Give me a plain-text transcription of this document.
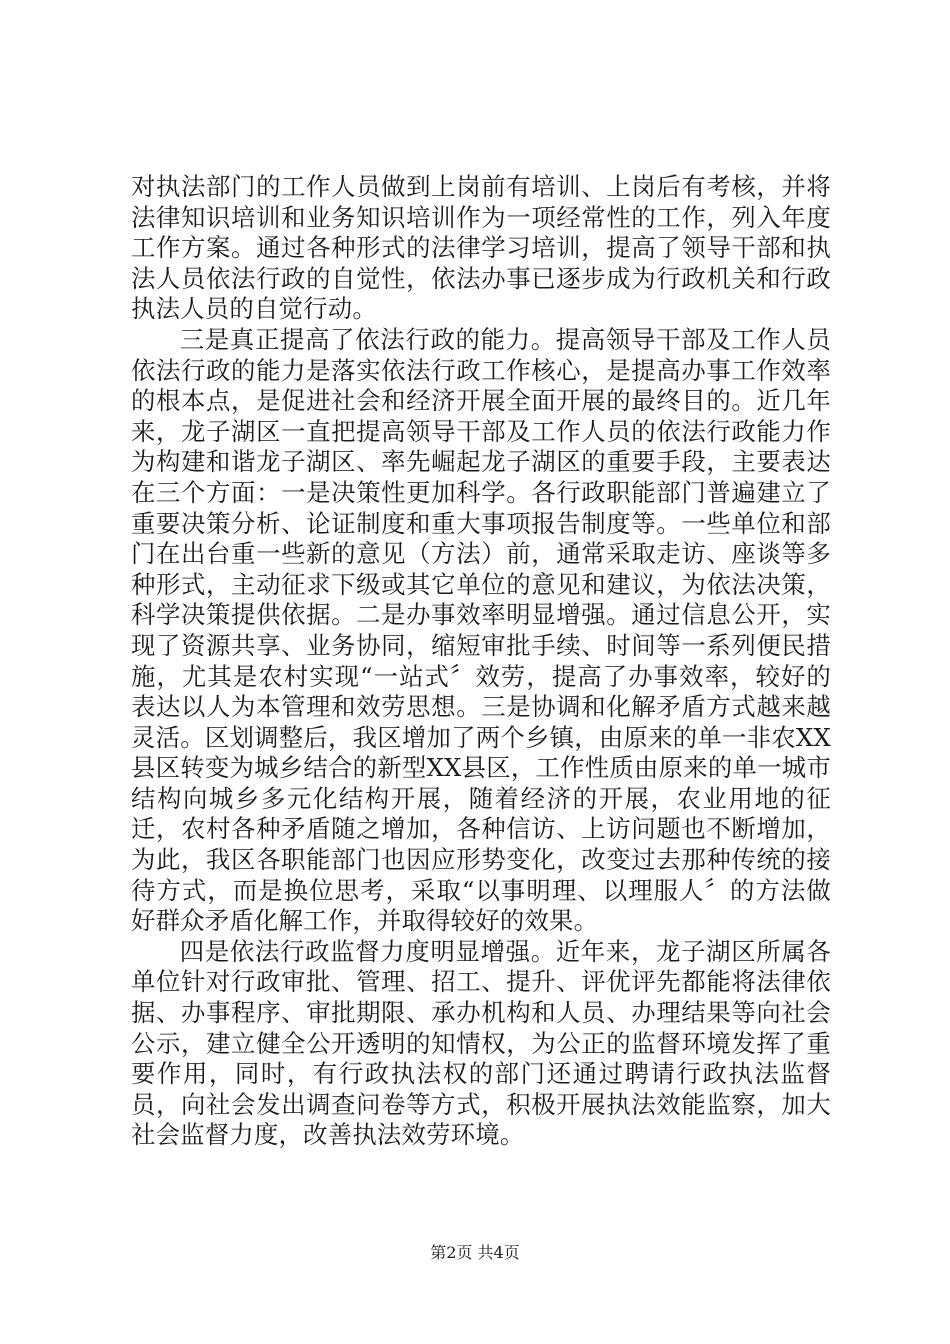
对执法部门的工作人员做到上岗前有培训、上岗后有考核，并将法律知识培训和业务知识培训作为一项经常性的工作，列入年度工作方案。通过各种形式的法律学习培训，提高了领导干部和执法人员依法行政的自觉性，依法办事已逐步成为行政机关和行政执法人员的自觉行动。

三是真正提高了依法行政的能力。提高领导干部及工作人员依法行政的能力是落实依法行政工作核心，是提高办事工作效率的根本点，是促进社会和经济开展全面开展的最终目的。近几年来，龙子湖区一直把提高领导干部及工作人员的依法行政能力作为构建和谐龙子湖区、率先崛起龙子湖区的重要手段，主要表达在三个方面：一是决策性更加科学。各行政职能部门普遍建立了重要决策分析、论证制度和重大事项报告制度等。一些单位和部门在出台重一些新的意见（方法）前，通常采取走访、座谈等多种形式，主动征求下级或其它单位的意见和建议，为依法决策，科学决策提供依据。二是办事效率明显增强。通过信息公开，实现了资源共享、业务协同，缩短审批手续、时间等一系列便民措施，尤其是农村实现“一站式〞效劳，提高了办事效率，较好的表达以人为本管理和效劳思想。三是协调和化解矛盾方式越来越灵活。区划调整后，我区增加了两个乡镇，由原来的单一非农XX县区转变为城乡结合的新型XX县区，工作性质由原来的单一城市结构向城乡多元化结构开展，随着经济的开展，农业用地的征迁，农村各种矛盾随之增加，各种信访、上访问题也不断增加，为此，我区各职能部门也因应形势变化，改变过去那种传统的接待方式，而是换位思考，采取“以事明理、以理服人〞的方法做好群众矛盾化解工作，并取得较好的效果。

四是依法行政监督力度明显增强。近年来，龙子湖区所属各单位针对行政审批、管理、招工、提升、评优评先都能将法律依据、办事程序、审批期限、承办机构和人员、办理结果等向社会公示，建立健全公开透明的知情权，为公正的监督环境发挥了重要作用，同时，有行政执法权的部门还通过聘请行政执法监督员，向社会发出调查问卷等方式，积极开展执法效能监察，加大社会监督力度，改善执法效劳环境。

第2页 共4页
